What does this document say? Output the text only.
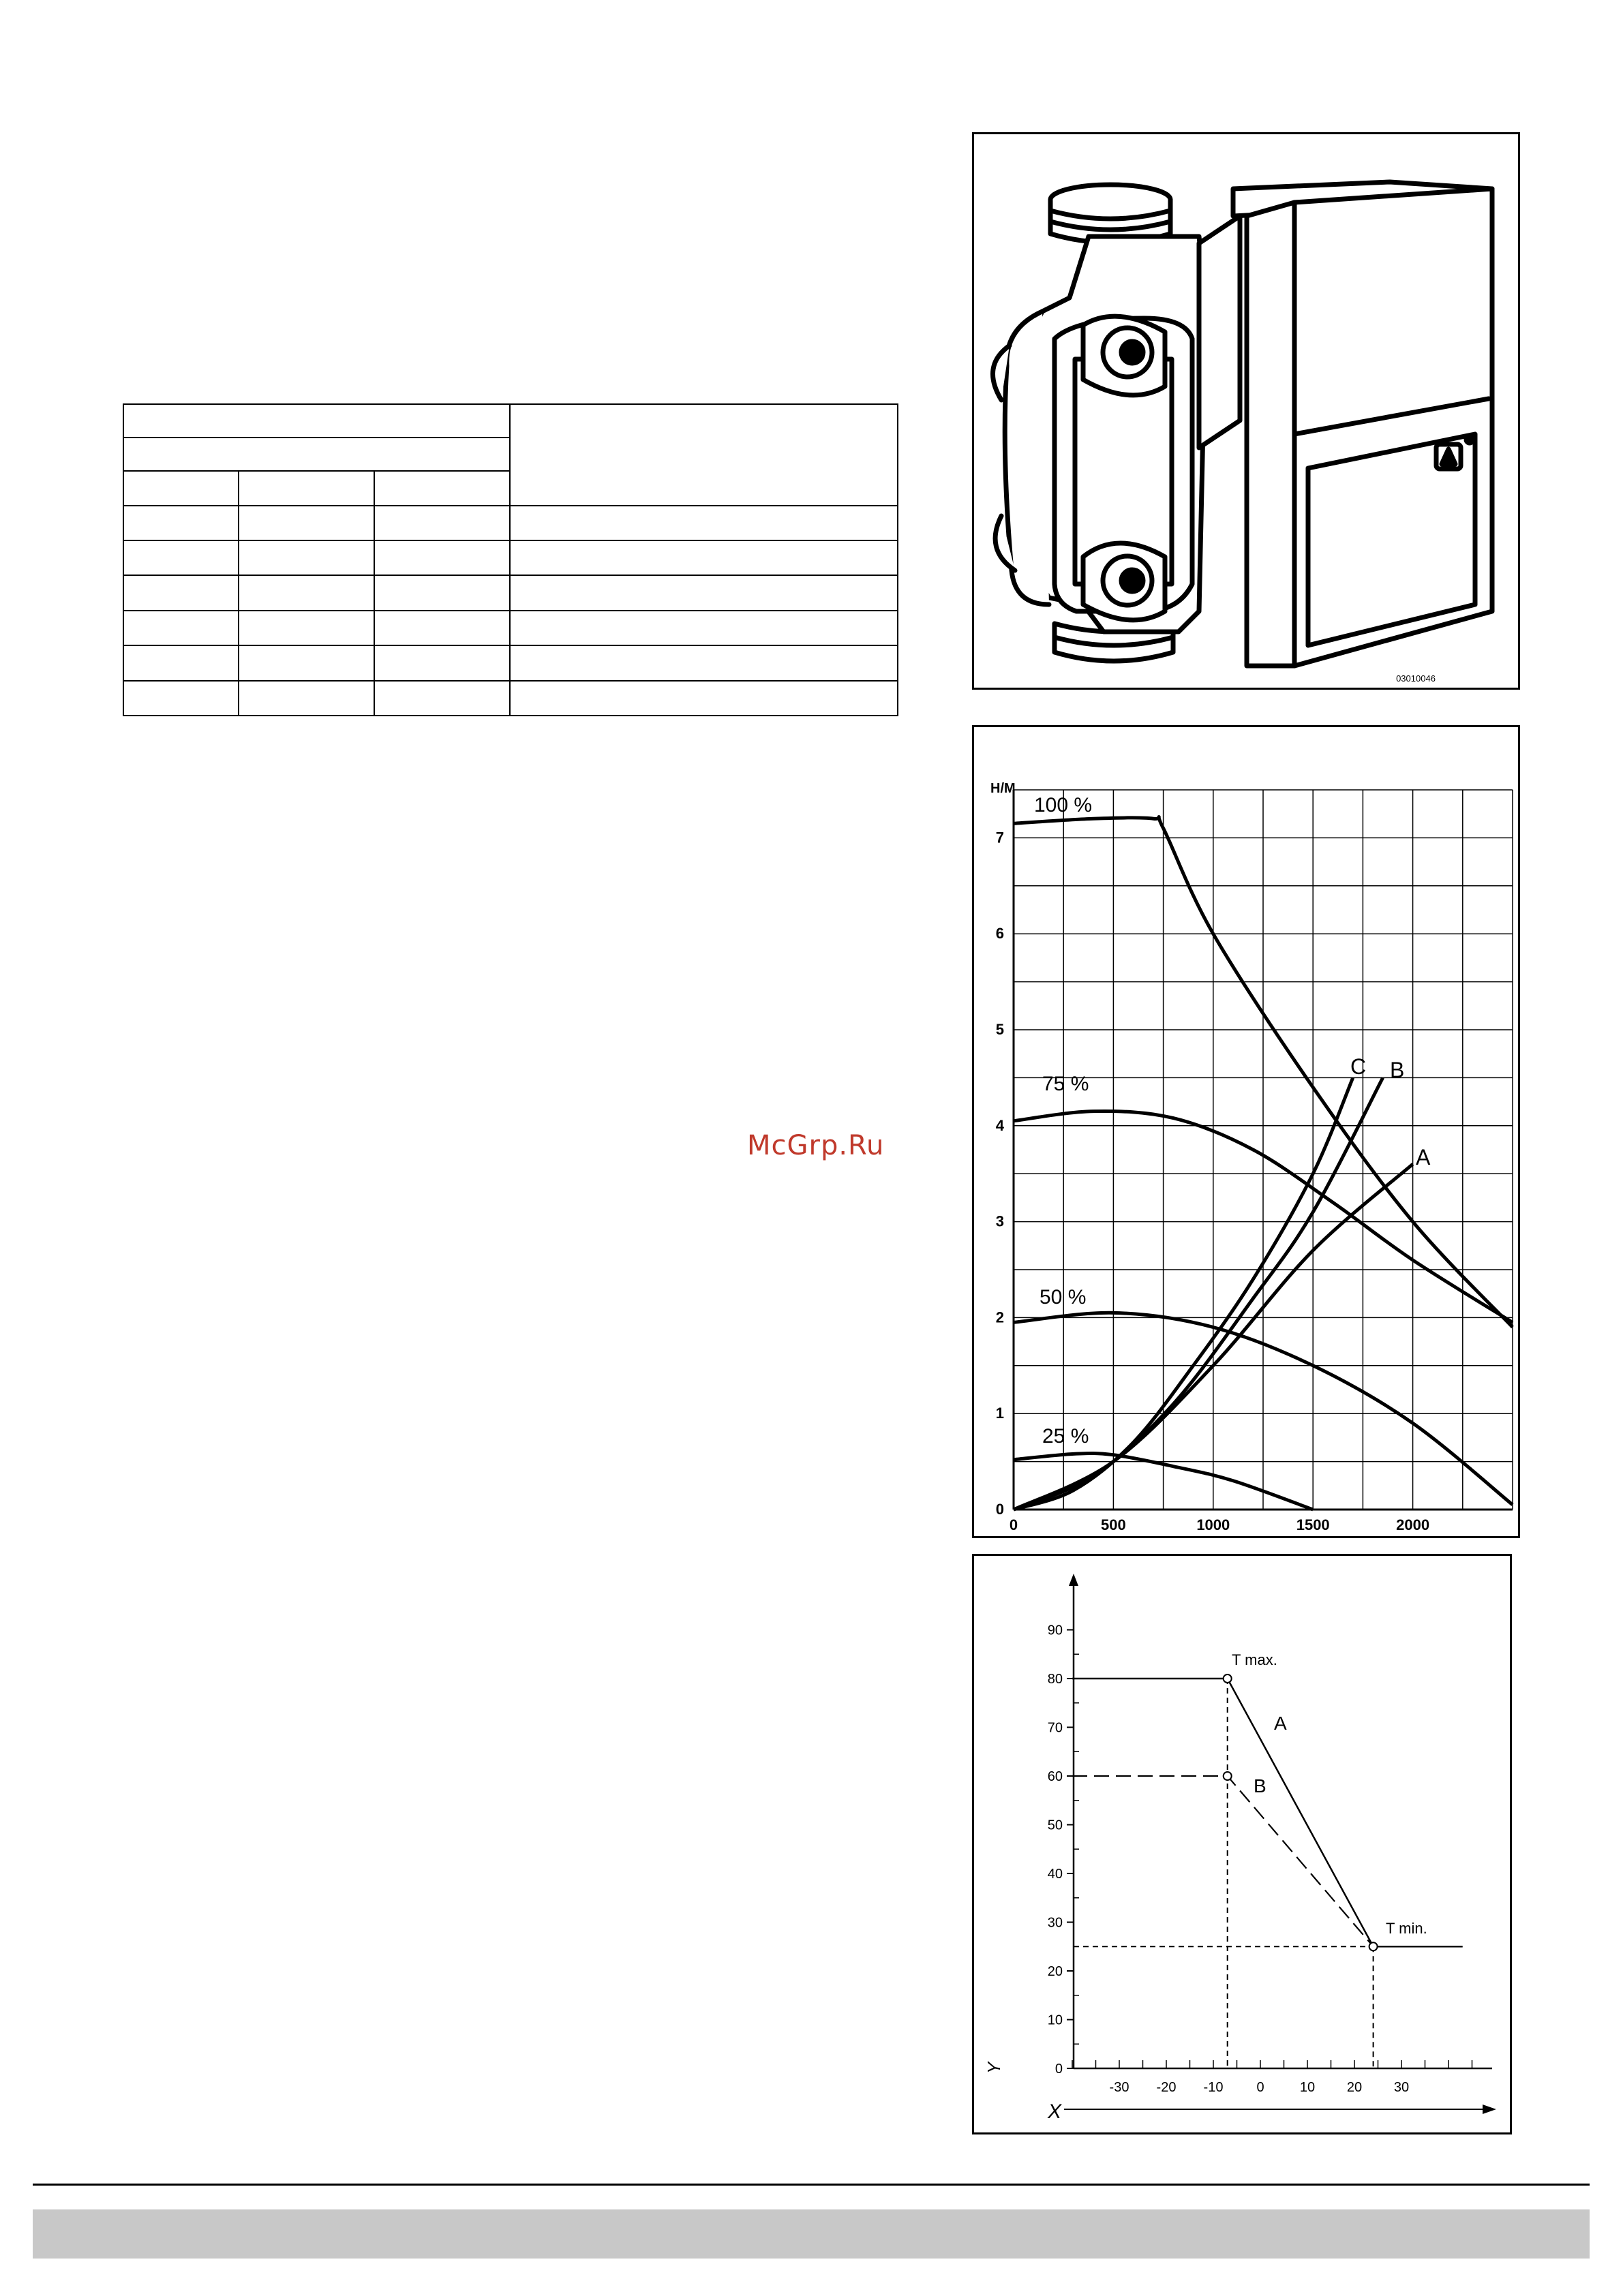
McGrp.Ru
03010046
0
1
2
3
4
5
6
7
0	500	1000	1500	2000
H/M
100 %
75 %
50 %
25 %
C B
A
0
10
20
30
40
50
60
70
80
90
-30 -20 -10 0	10 20 30
Y
X
T max.
T min.
A
B
